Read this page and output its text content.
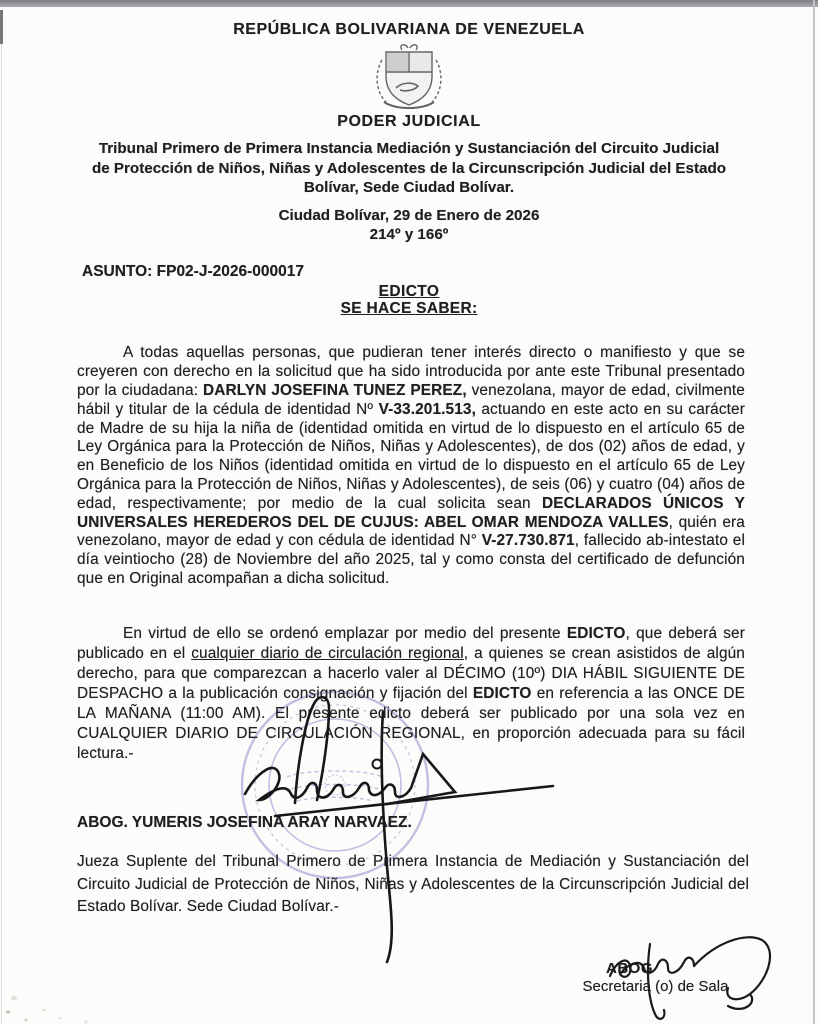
REPÚBLICA BOLIVARIANA DE VENEZUELA
PODER JUDICIAL
Tribunal Primero de Primera Instancia Mediación y Sustanciación del Circuito Judicial de Protección de Niños, Niñas y Adolescentes de la Circunscripción Judicial del Estado Bolívar, Sede Ciudad Bolívar.
Ciudad Bolívar, 29 de Enero de 2026
214º y 166º
ASUNTO: FP02-J-2026-000017
EDICTO
SE HACE SABER:

A todas aquellas personas, que pudieran tener interés directo o manifiesto y que se creyeren con derecho en la solicitud que ha sido introducida por ante este Tribunal presentado por la ciudadana: DARLYN JOSEFINA TUNEZ PEREZ, venezolana, mayor de edad, civilmente hábil y titular de la cédula de identidad Nº V-33.201.513, actuando en este acto en su carácter de Madre de su hija la niña de (identidad omitida en virtud de lo dispuesto en el artículo 65 de Ley Orgánica para la Protección de Niños, Niñas y Adolescentes), de dos (02) años de edad, y en Beneficio de los Niños (identidad omitida en virtud de lo dispuesto en el artículo 65 de Ley Orgánica para la Protección de Niños, Niñas y Adolescentes), de seis (06) y cuatro (04) años de edad, respectivamente; por medio de la cual solicita sean DECLARADOS ÚNICOS Y UNIVERSALES HEREDEROS DEL DE CUJUS: ABEL OMAR MENDOZA VALLES, quién era venezolano, mayor de edad y con cédula de identidad N° V-27.730.871, fallecido ab-intestato el día veintiocho (28) de Noviembre del año 2025, tal y como consta del certificado de defunción que en Original acompañan a dicha solicitud.

En virtud de ello se ordenó emplazar por medio del presente EDICTO, que deberá ser publicado en el cualquier diario de circulación regional, a quienes se crean asistidos de algún derecho, para que comparezcan a hacerlo valer al DÉCIMO (10º) DIA HÁBIL SIGUIENTE DE DESPACHO a la publicación consignación y fijación del EDICTO en referencia a las ONCE DE LA MAÑANA (11:00 AM). El presente edicto deberá ser publicado por una sola vez en CUALQUIER DIARIO DE CIRCULACIÓN REGIONAL, en proporción adecuada para su fácil lectura.-

ABOG. YUMERIS JOSEFINA ARAY NARVAEZ.

Jueza Suplente del Tribunal Primero de Primera Instancia de Mediación y Sustanciación del Circuito Judicial de Protección de Niños, Niñas y Adolescentes de la Circunscripción Judicial del Estado Bolívar. Sede Ciudad Bolívar.-

ABOG
Secretaria (o) de Sala
